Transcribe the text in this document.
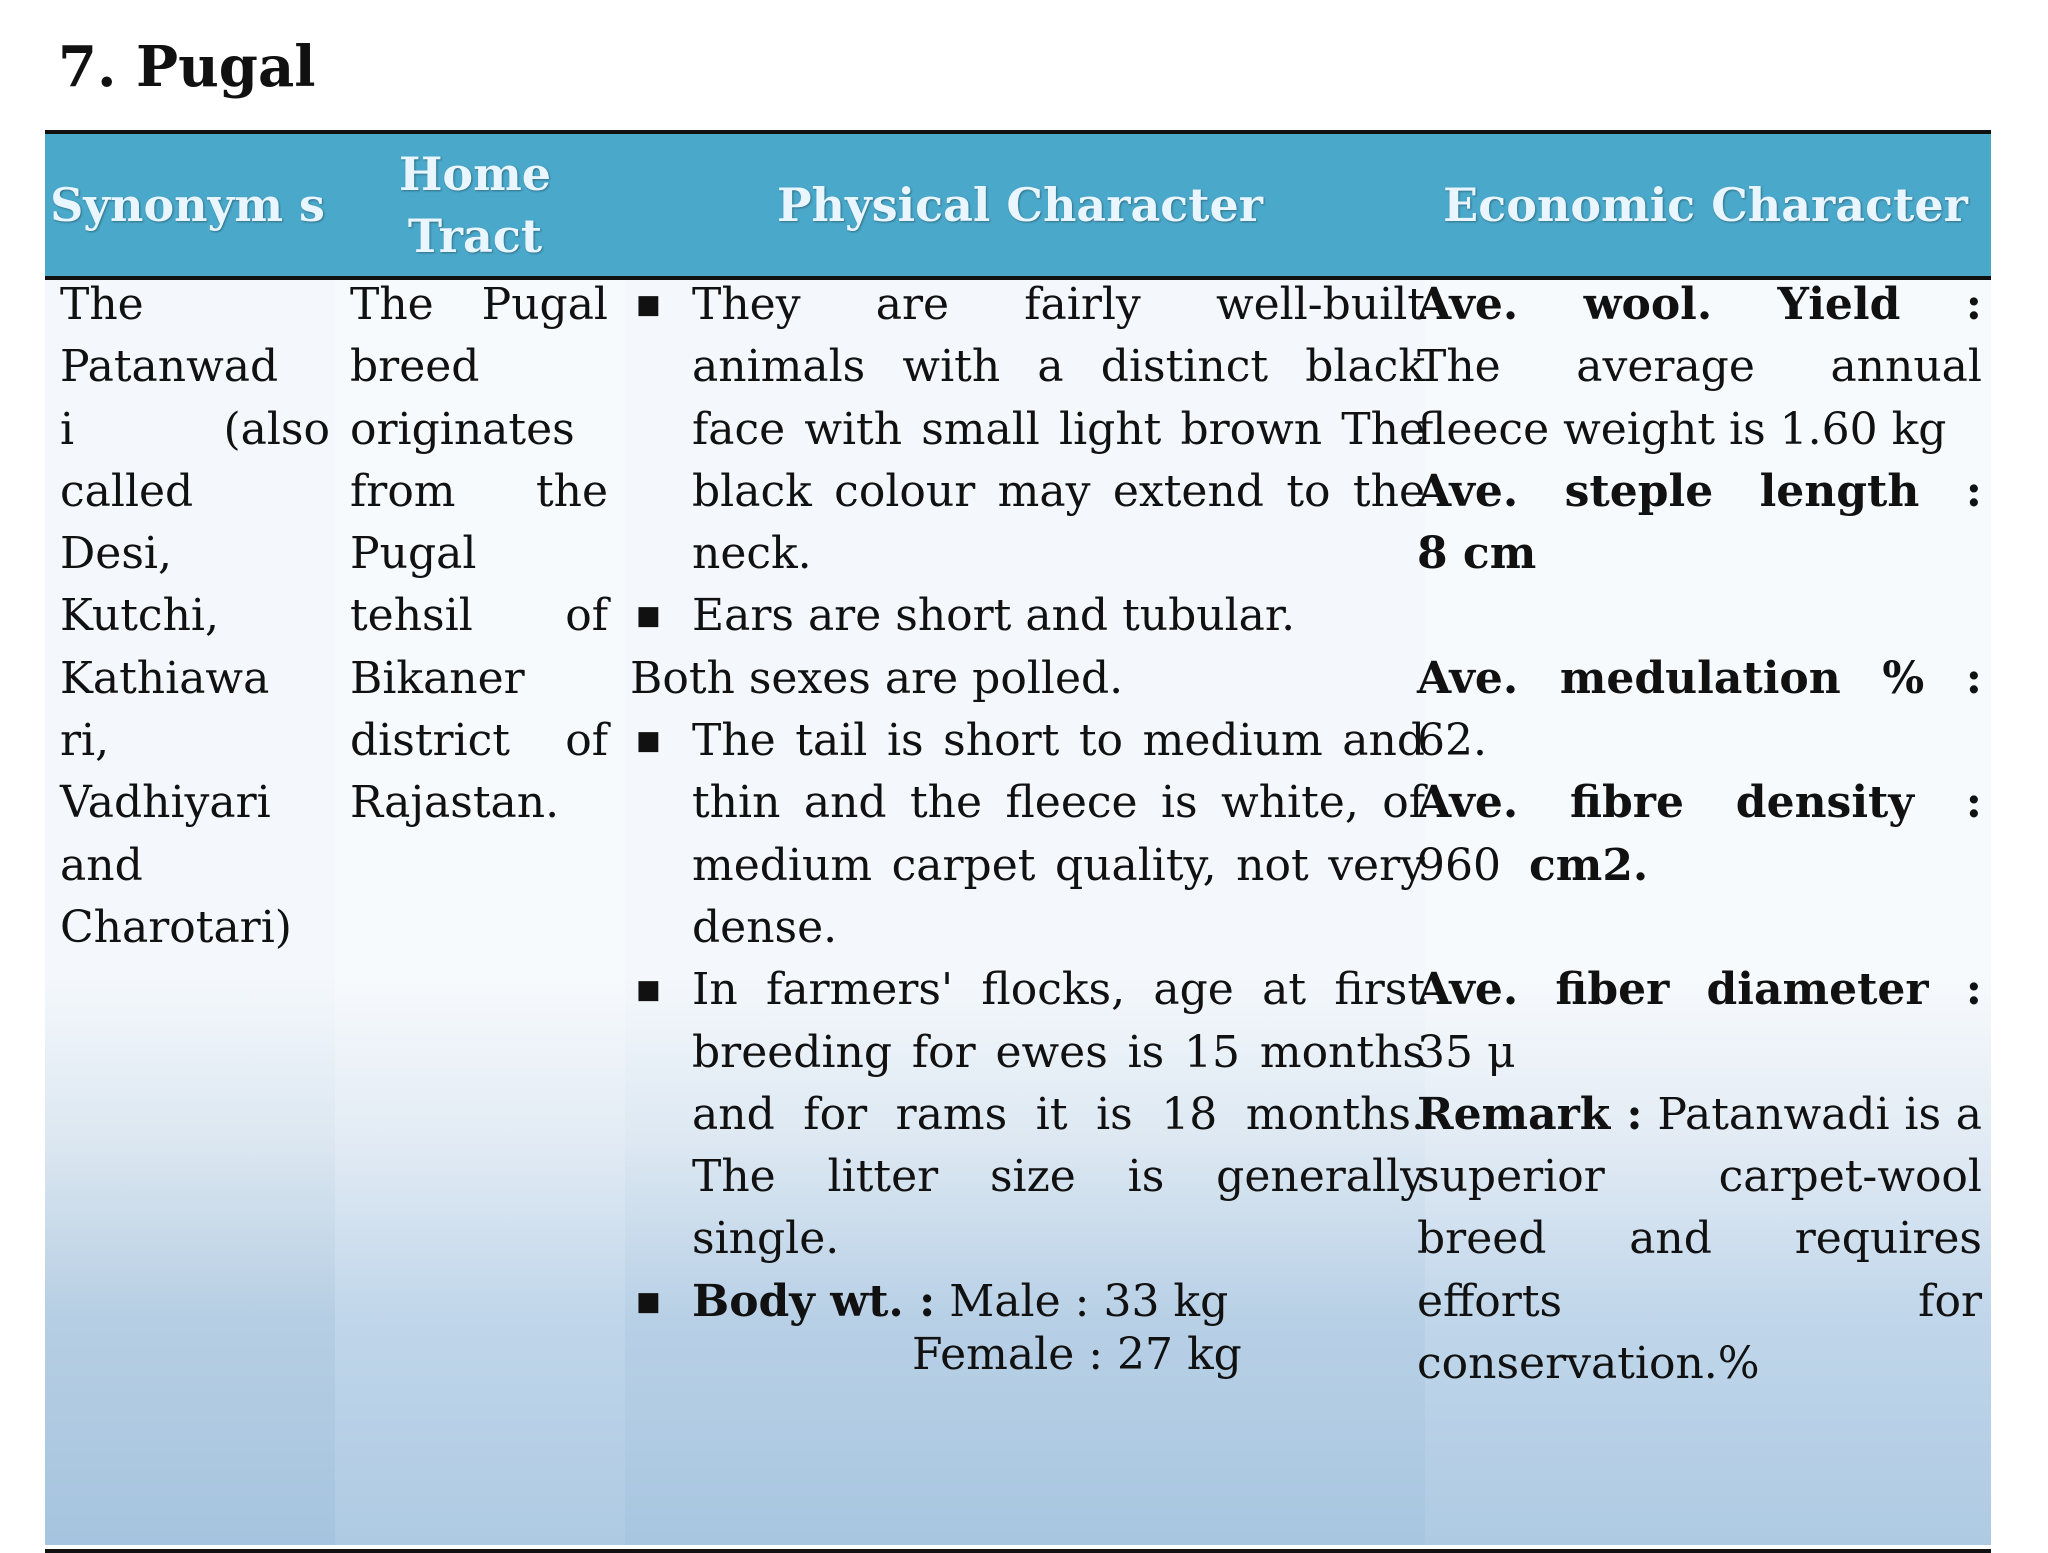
7. Pugal
Synonym s
Home Tract
Physical Character	Economic Character
The
Patanwad
i (also
called
Desi,
Kutchi,
Kathiawa
ri,
Vadhiyari
and
Charotari)
The Pugal
breed
originates
from the
Pugal
tehsil of
Bikaner
district of
Rajastan.
■ They are fairly well-built animals with a distinct black face with small light brown The black colour may extend to the neck.
■ Ears are short and tubular.
Both sexes are polled.
■ The tail is short to medium and thin and the fleece is white, of medium carpet quality, not very dense.
■ In farmers' flocks, age at first breeding for ewes is 15 months and for rams it is 18 months. The litter size is generally single.
■ Body wt. : Male : 33 kg
Female : 27 kg
Ave. wool. Yield :
The average annual fleece weight is 1.60 kg
Ave. steple length :
8 cm
Ave. medulation % :
62.
Ave. fibre density :
960 cm2.
Ave. fiber diameter :
35 μ
Remark : Patanwadi is a superior carpet-wool breed and requires efforts for conservation.%
